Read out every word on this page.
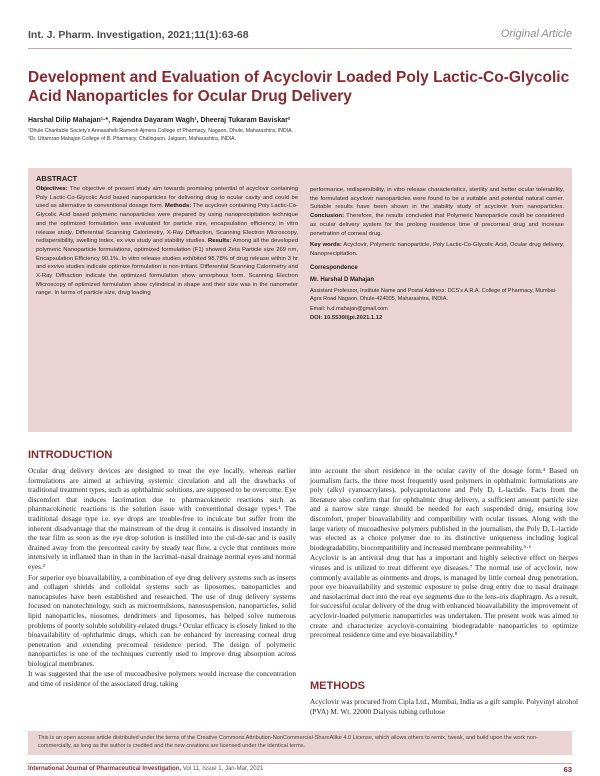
Int. J. Pharm. Investigation, 2021;11(1):63-68	Original Article
Development and Evaluation of Acyclovir Loaded Poly Lactic-Co-Glycolic Acid Nanoparticles for Ocular Drug Delivery
Harshal Dilip Mahajan¹·*, Rajendra Dayaram Wagh¹, Dheeraj Tukaram Baviskar²
¹Dhule Charitable Society's Annasaheb Ramesh Ajmera College of Pharmacy, Nagaon, Dhule, Maharashtra, INDIA.
²Dr. Uttamrao Mahajan College of B. Pharmacy, Chalisgaon, Jalgaon, Maharashtra, INDIA.
ABSTRACT

Objectives: The objective of present study aim towards promising potential of acyclovir containing Poly Lactic-Co-Glycolic Acid based nanoparticles for delivering drug to ocular cavity and could be used as alternative to conventional dosage form. Methods: The acyclovir containing Poly Lactic-Co-Glycolic Acid based polymeric nanoparticles were prepared by using nanoprecipitation technique and the optimized formulation was evaluated for particle size, encapsulation efficiency, in vitro release study, Differential Scanning Calorimetry, X-Ray Diffraction, Scanning Electron Microscopy, redispersibility, swelling index, ex vivo study and stability studies. Results: Among all the developed polymeric Nanoparticle formulations, optimized formulation (F1) showed Zeta Particle size 269 nm, Encapsulation Efficiency 90.1%. In vitro release studies exhibited 98.78% of drug release within 3 hr and exvivo studies indicate optimize formulation is non-irritant. Differential Scanning Calorimetry and X-Ray Diffraction indicate the optimized formulation show amorphous form. Scanning Electron Microscopy of optimized formulation show cylindrical in shape and their size was in the nanometer range. In terms of particle size, drug loading

performance, redispersibility, in vitro release characteristics, sterility and better ocular tolerability, the formulated acyclovir nanoparticles were found to be a suitable and potential natural carrier. Suitable results have been shown in the stability study of acyclovir from nanoparticles. Conclusion: Therefore, the results concluded that Polymeric Nanoparticle could be considered as ocular delivery system for the prolong residence time of precorneal drug and increase penetration of corneal drug.

Key words: Acyclovir, Polymeric nanoparticle, Poly Lactic-Co-Glycolic Acid, Ocular drug delivery, Nanoprecipitation.

Correspondence
Mr. Harshal D Mahajan
Assistant Professor, Institute Name and Postal Address: DCS's A.R.A. College of Pharmacy, Mumbai-Agra Road Nagaon, Dhule-424005, Maharashtra, INDIA.
Email: h.d.mahajan@gmail.com
DOI: 10.5530/ijpi.2021.1.12
INTRODUCTION

Ocular drug delivery devices are designed to treat the eye locally, whereas earlier formulations are aimed at achieving systemic circulation and all the drawbacks of traditional treatment types, such as ophthalmic solutions, are supposed to be overcome. Eye discomfort that induces lacrimation due to pharmacokinetic reactions such as pharmacokinetic reactions is the solution issue with conventional dosage types.¹ The traditional dosage type i.e. eye drops are trouble-free to inculcate but suffer from the inherent disadvantage that the mainstream of the drug it contains is dissolved instantly in the tear film as soon as the eye drop solution is instilled into the cul-de-sac and is easily drained away from the precorneal cavity by steady tear flow, a cycle that continues more intensively in inflamed than in than in the lacrimal–nasal drainage normal eyes and normal eyes.²

For superior eye bioavailability, a combination of eye drug delivery systems such as inserts and collagen shields and colloidal systems such as liposomes, nanoparticles and nanocapsules have been established and researched. The use of drug delivery systems focused on nanotechnology, such as microemulsions, nanosuspension, nanoparticles, solid lipid nanoparticles, niosomes, dendrimers and liposomes, has helped solve numerous problems of poorly soluble solubility-related drugs.³ Ocular efficacy is closely linked to the bioavailability of ophthalmic drugs, which can be enhanced by increasing corneal drug penetration and extending precorneal residence period. The design of polymeric nanoparticles is one of the techniques currently used to improve drug absorption across biological membranes.

It was suggested that the use of mucoadhesive polymers would increase the concentration and time of residence of the associated drug, taking

into account the short residence in the ocular cavity of the dosage form.⁴ Based on journalism facts, the three most frequently used polymers in ophthalmic formulations are poly (alkyl cyanoacrylates), polycaprolactone and Poly D, L-lactide. Facts from the literature also confirm that for ophthalmic drug delivery, a sufficient amount particle size and a narrow size range should be needed for each suspended drug, ensuring low discomfort, proper bioavailability and compatibility with ocular tissues. Along with the large variety of mucoadhesive polymers published in the journalism, the Poly D, L-lactide was elected as a choice polymer due to its distinctive uniqueness including logical biodegradability, biocompatibility and increased membrane permeability.⁵·⁶

Acyclovir is an antiviral drug that has a important and highly selective effect on herpes viruses and is utilized to treat different eye diseases.⁷ The normal use of acyclovir, now commonly available as ointments and drops, is managed by little corneal drug penetration, poor eye bioavailability and systemic exposure to pulse drug entry due to nasal drainage and nasolacrimal duct into the rear eye segments due to the lens-iris diaphragm. As a result, for successful ocular delivery of the drug with enhanced bioavailability the improvement of acyclovir-loaded polymeric nanoparticles was undertaken. The present work was aimed to create and characterize acyclovir-containing biodegradable nanoparticles to optimize precorneal residence time and eye bioavailability.⁸

METHODS

Acyclovir was procured from Cipla Ltd., Mumbai, India as a gift sample. Polyvinyl alcohol (PVA) M. Wt. 22000 Dialysis tubing cellulose

This is an open access article distributed under the terms of the Creative Commons Attribution-NonCommercial-ShareAlike 4.0 License, which allows others to remix, tweak, and build upon the work non-commercially, as long as the author is credited and the new creations are licensed under the identical terms.

International Journal of Pharmaceutical Investigation, Vol 11, Issue 1, Jan-Mar, 2021	63
